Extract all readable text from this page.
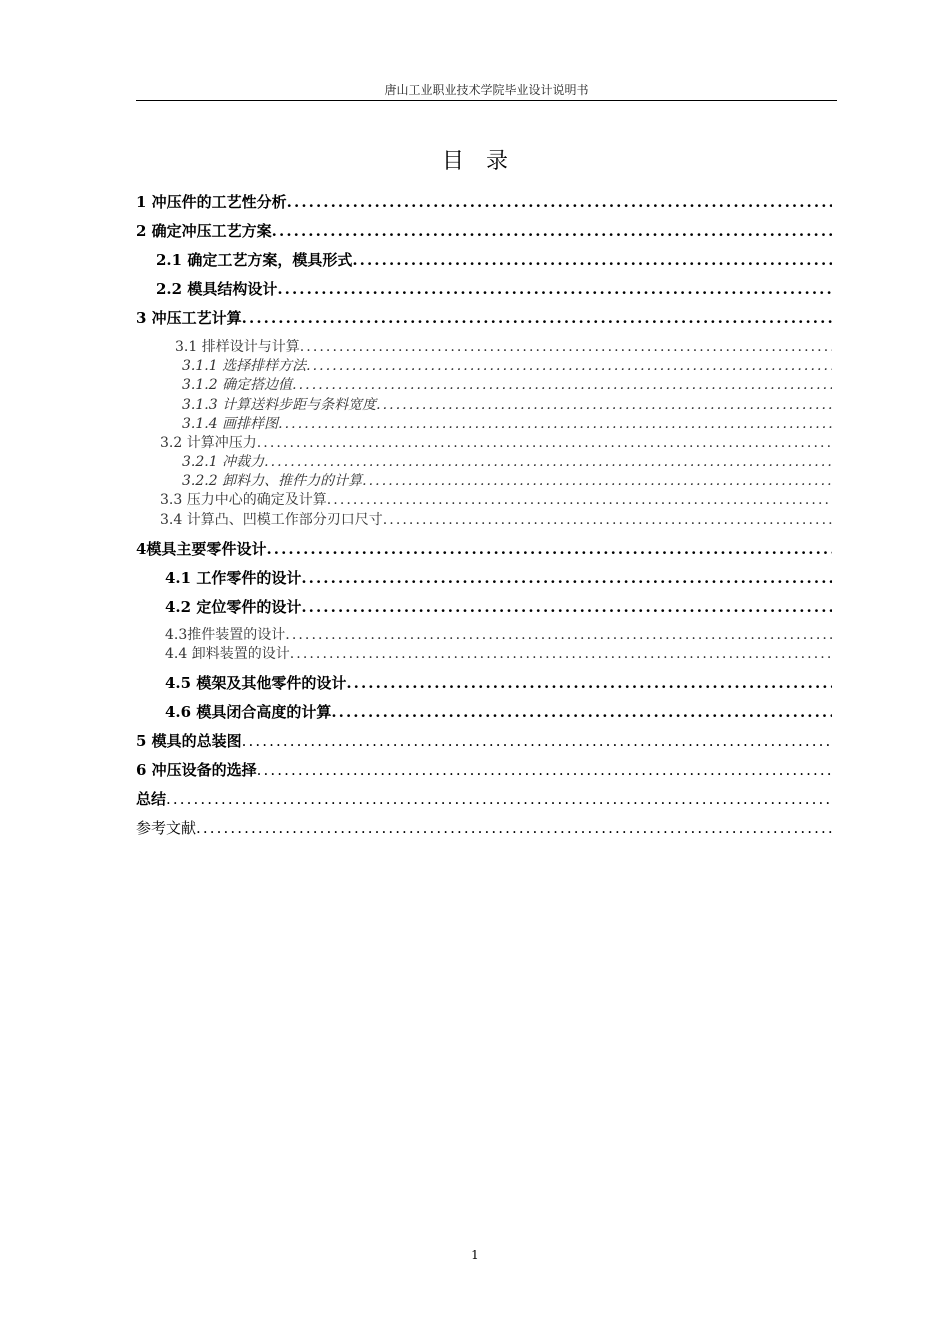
唐山工业职业技术学院毕业设计说明书
目录
1 冲压件的工艺性分析
.....
2 确定冲压工艺方案
.....
2.1 确定工艺方案，模具形式
.....
2.2 模具结构设计
.....
3 冲压工艺计算
.....
3.1 排样设计与计算
.....
3.1.1 选择排样方法
.....
3.1.2 确定搭边值
.....
3.1.3 计算送料步距与条料宽度
.....
3.1.4 画排样图
.....
3.2 计算冲压力
.....
3.2.1 冲裁力
.....
3.2.2 卸料力、推件力的计算
.....
3.3 压力中心的确定及计算
.....
3.4 计算凸、凹模工作部分刃口尺寸
.....
4模具主要零件设计
.....
4.1 工作零件的设计
.....
4.2 定位零件的设计
.....
4.3推件装置的设计
.....
4.4 卸料装置的设计
.....
4.5 模架及其他零件的设计
.....
4.6 模具闭合高度的计算
.....
5 模具的总装图
.....
6 冲压设备的选择
.....
总结
.....
参考文献
.....
1
